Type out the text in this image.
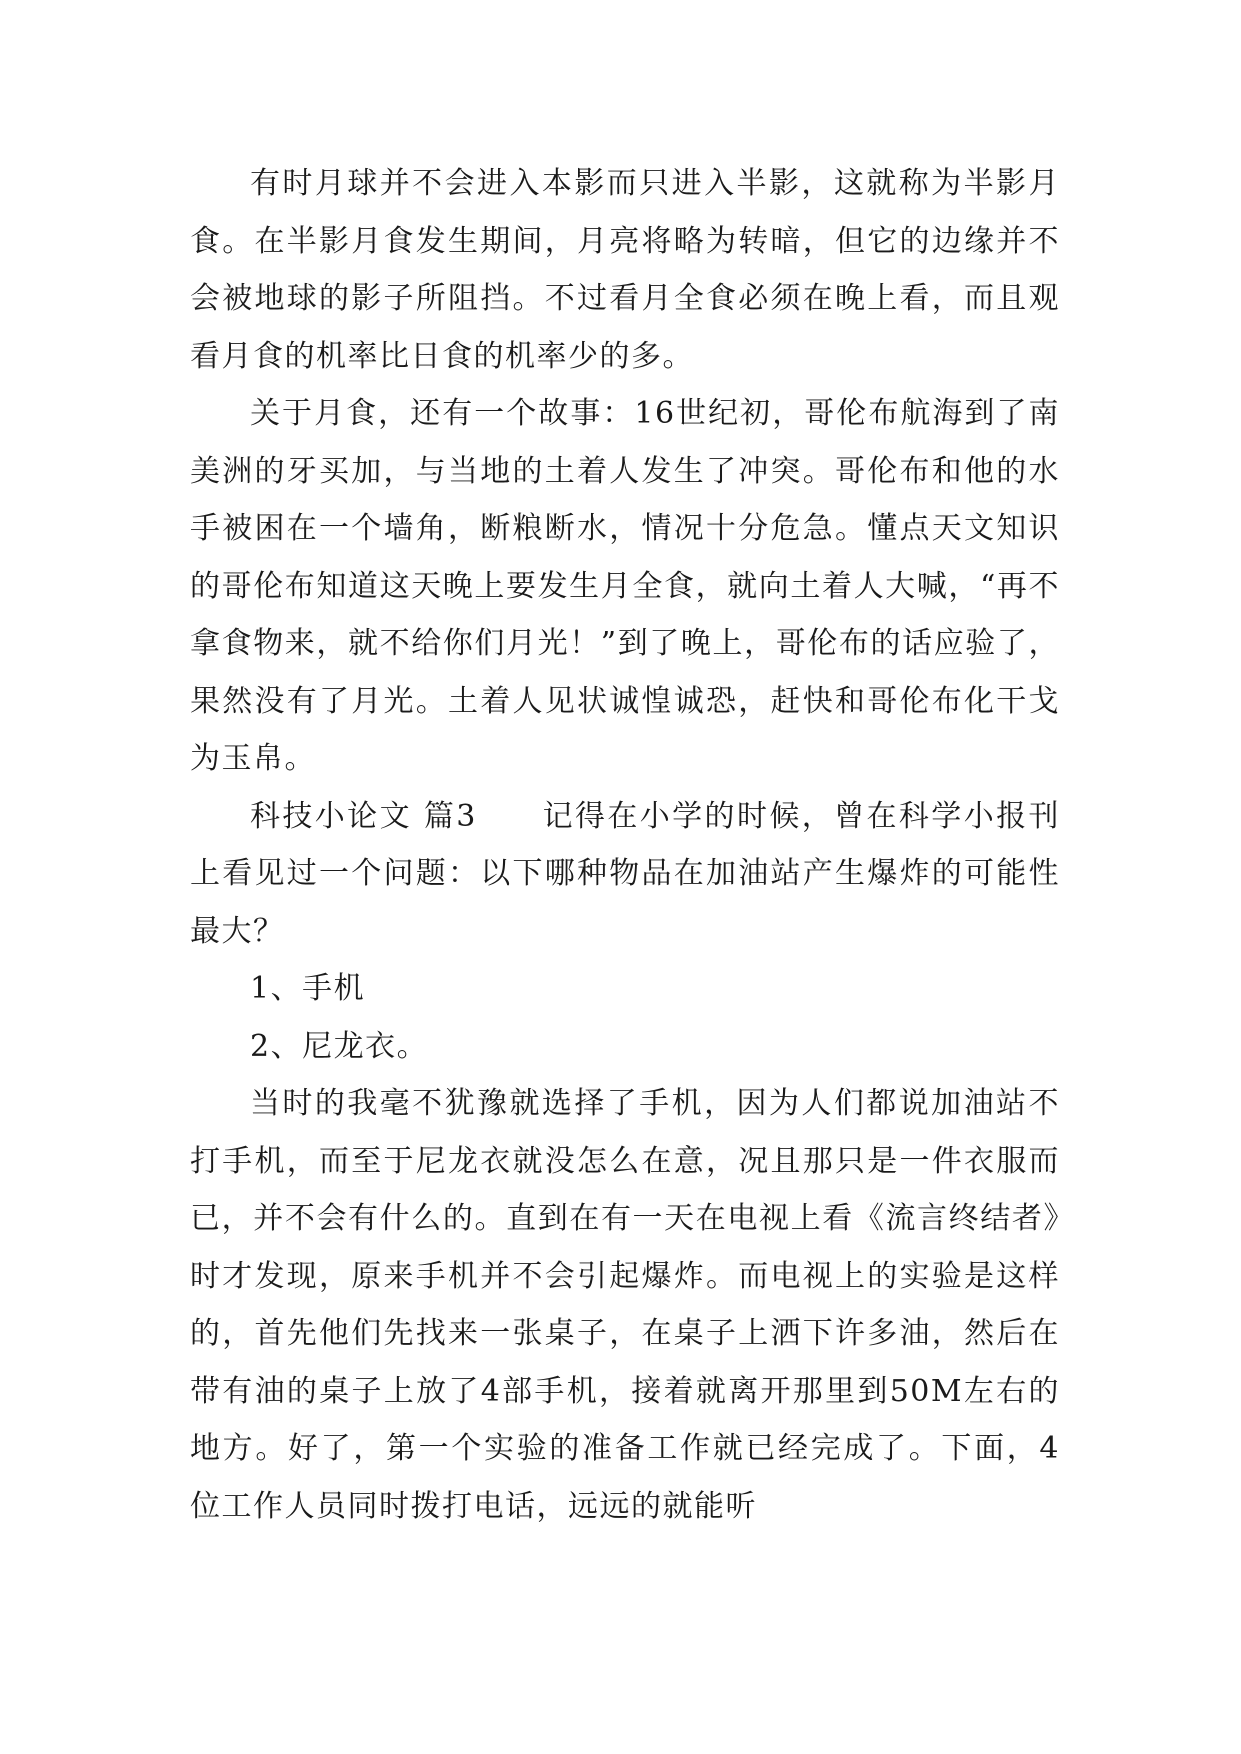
有时月球并不会进入本影而只进入半影，这就称为半影月食。在半影月食发生期间，月亮将略为转暗，但它的边缘并不会被地球的影子所阻挡。不过看月全食必须在晚上看，而且观看月食的机率比日食的机率少的多。

关于月食，还有一个故事：16世纪初，哥伦布航海到了南美洲的牙买加，与当地的土着人发生了冲突。哥伦布和他的水手被困在一个墙角，断粮断水，情况十分危急。懂点天文知识的哥伦布知道这天晚上要发生月全食，就向土着人大喊，“再不拿食物来，就不给你们月光！”到了晚上，哥伦布的话应验了，果然没有了月光。土着人见状诚惶诚恐，赶快和哥伦布化干戈为玉帛。

科技小论文 篇3　　记得在小学的时候，曾在科学小报刊上看见过一个问题：以下哪种物品在加油站产生爆炸的可能性最大？

1、手机

2、尼龙衣。

当时的我毫不犹豫就选择了手机，因为人们都说加油站不打手机，而至于尼龙衣就没怎么在意，况且那只是一件衣服而已，并不会有什么的。直到在有一天在电视上看《流言终结者》时才发现，原来手机并不会引起爆炸。而电视上的实验是这样的，首先他们先找来一张桌子，在桌子上洒下许多油，然后在带有油的桌子上放了4部手机，接着就离开那里到50M左右的地方。好了，第一个实验的准备工作就已经完成了。下面，4位工作人员同时拨打电话，远远的就能听
